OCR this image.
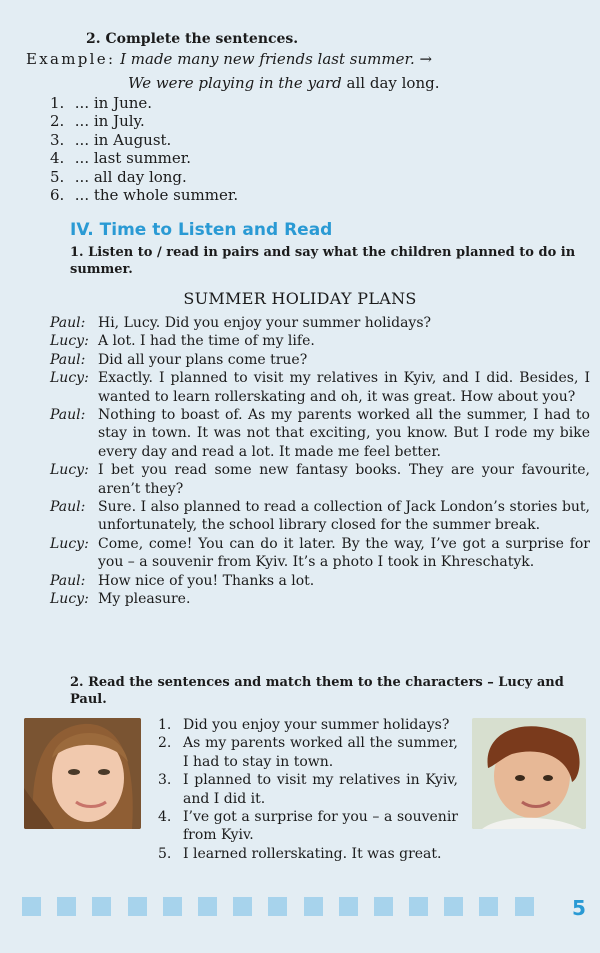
2. Complete the sentences.
Example: I made many new friends last summer. →
We were playing in the yard all day long.
1. ... in June.
2. ... in July.
3. ... in August.
4. ... last summer.
5. ... all day long.
6. ... the whole summer.
IV. Time to Listen and Read
1. Listen to / read in pairs and say what the children planned to do in summer.
SUMMER HOLIDAY PLANS
Paul: Hi, Lucy. Did you enjoy your summer holidays?
Lucy: A lot. I had the time of my life.
Paul: Did all your plans come true?
Lucy: Exactly. I planned to visit my relatives in Kyiv, and I did. Besides, I wanted to learn rollerskating and oh, it was great. How about you?
Paul: Nothing to boast of. As my parents worked all the summer, I had to stay in town. It was not that exciting, you know. But I rode my bike every day and read a lot. It made me feel better.
Lucy: I bet you read some new fantasy books. They are your favourite, aren’t they?
Paul: Sure. I also planned to read a collection of Jack London’s stories but, unfortunately, the school library closed for the summer break.
Lucy: Come, come! You can do it later. By the way, I’ve got a surprise for you – a souvenir from Kyiv. It’s a photo I took in Khreschatyk.
Paul: How nice of you! Thanks a lot.
Lucy: My pleasure.
2. Read the sentences and match them to the characters – Lucy and Paul.
1. Did you enjoy your summer holidays?
2. As my parents worked all the summer, I had to stay in town.
3. I planned to visit my relatives in Kyiv, and I did it.
4. I’ve got a surprise for you – a souvenir from Kyiv.
5. I learned rollerskating. It was great.
5
